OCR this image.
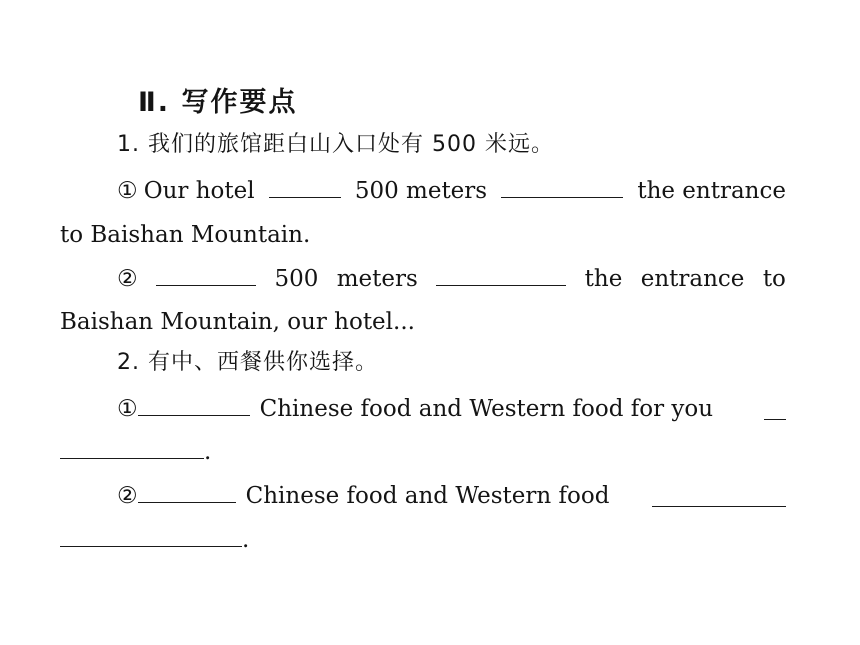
Ⅱ. 写作要点
1. 我们的旅馆距白山入口处有 500 米远。
① Our hotel	500 meters	the entrance
to Baishan Mountain.
②	500 meters	the entrance to
Baishan Mountain, our hotel...
2. 有中、西餐供你选择。
①	Chinese food and Western food for you
.
②	Chinese food and Western food
.
